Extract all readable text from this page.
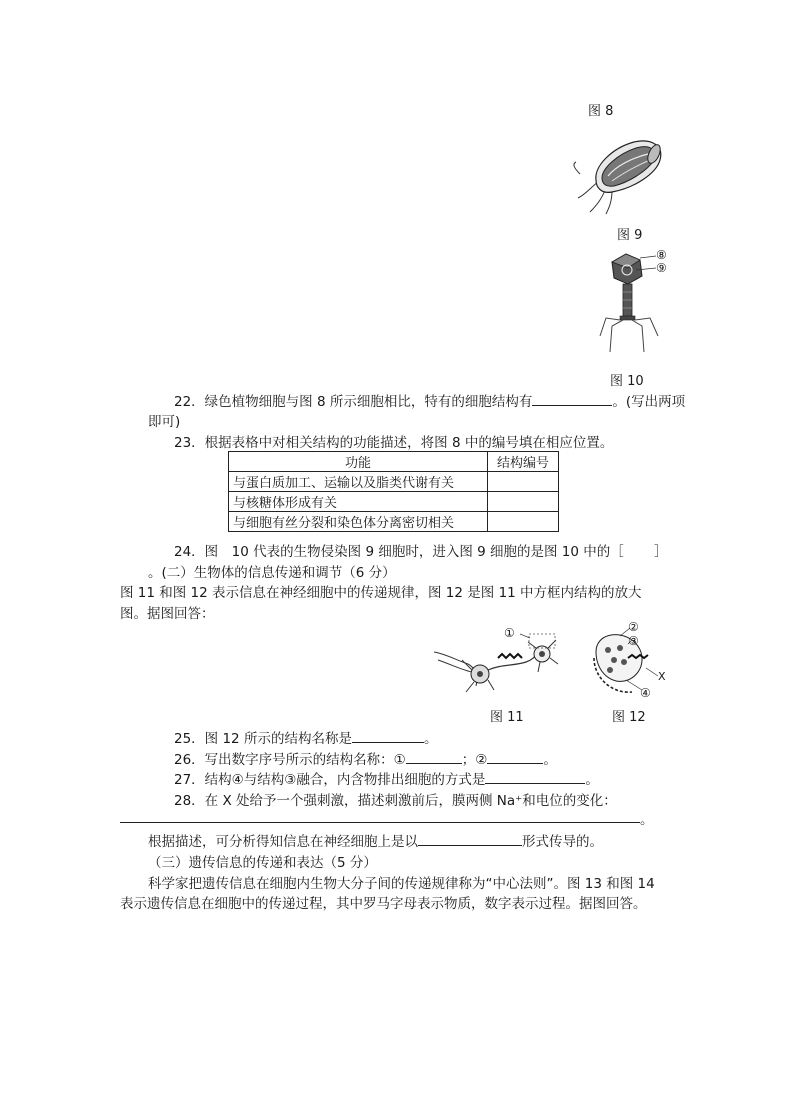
图 8
图 9
⑧
⑨
图 10
22．绿色植物细胞与图 8 所示细胞相比，特有的细胞结构有	。(写出两项
即可)
23．根据表格中对相关结构的功能描述，将图 8 中的编号填在相应位置。
功能	结构编号
与蛋白质加工、运输以及脂类代谢有关	
与核糖体形成有关	
与细胞有丝分裂和染色体分离密切相关	
24．图　10 代表的生物侵染图 9 细胞时，进入图 9 细胞的是图 10 中的［ ］
。(二）生物体的信息传递和调节（6 分）
图 11 和图 12 表示信息在神经细胞中的传递规律，图 12 是图 11 中方框内结构的放大
图。据图回答：
①
图 11
②
③
X
④
图 12
25．图 12 所示的结构名称是	。
26．写出数字序号所示的结构名称：①	；②	。
27．结构④与结构③融合，内含物排出细胞的方式是	。
28．在 X 处给予一个强刺激，描述刺激前后，膜两侧 Na⁺和电位的变化：
。
根据描述，可分析得知信息在神经细胞上是以	形式传导的。
（三）遗传信息的传递和表达（5 分）
科学家把遗传信息在细胞内生物大分子间的传递规律称为“中心法则”。图 13 和图 14
表示遗传信息在细胞中的传递过程，其中罗马字母表示物质，数字表示过程。据图回答。
